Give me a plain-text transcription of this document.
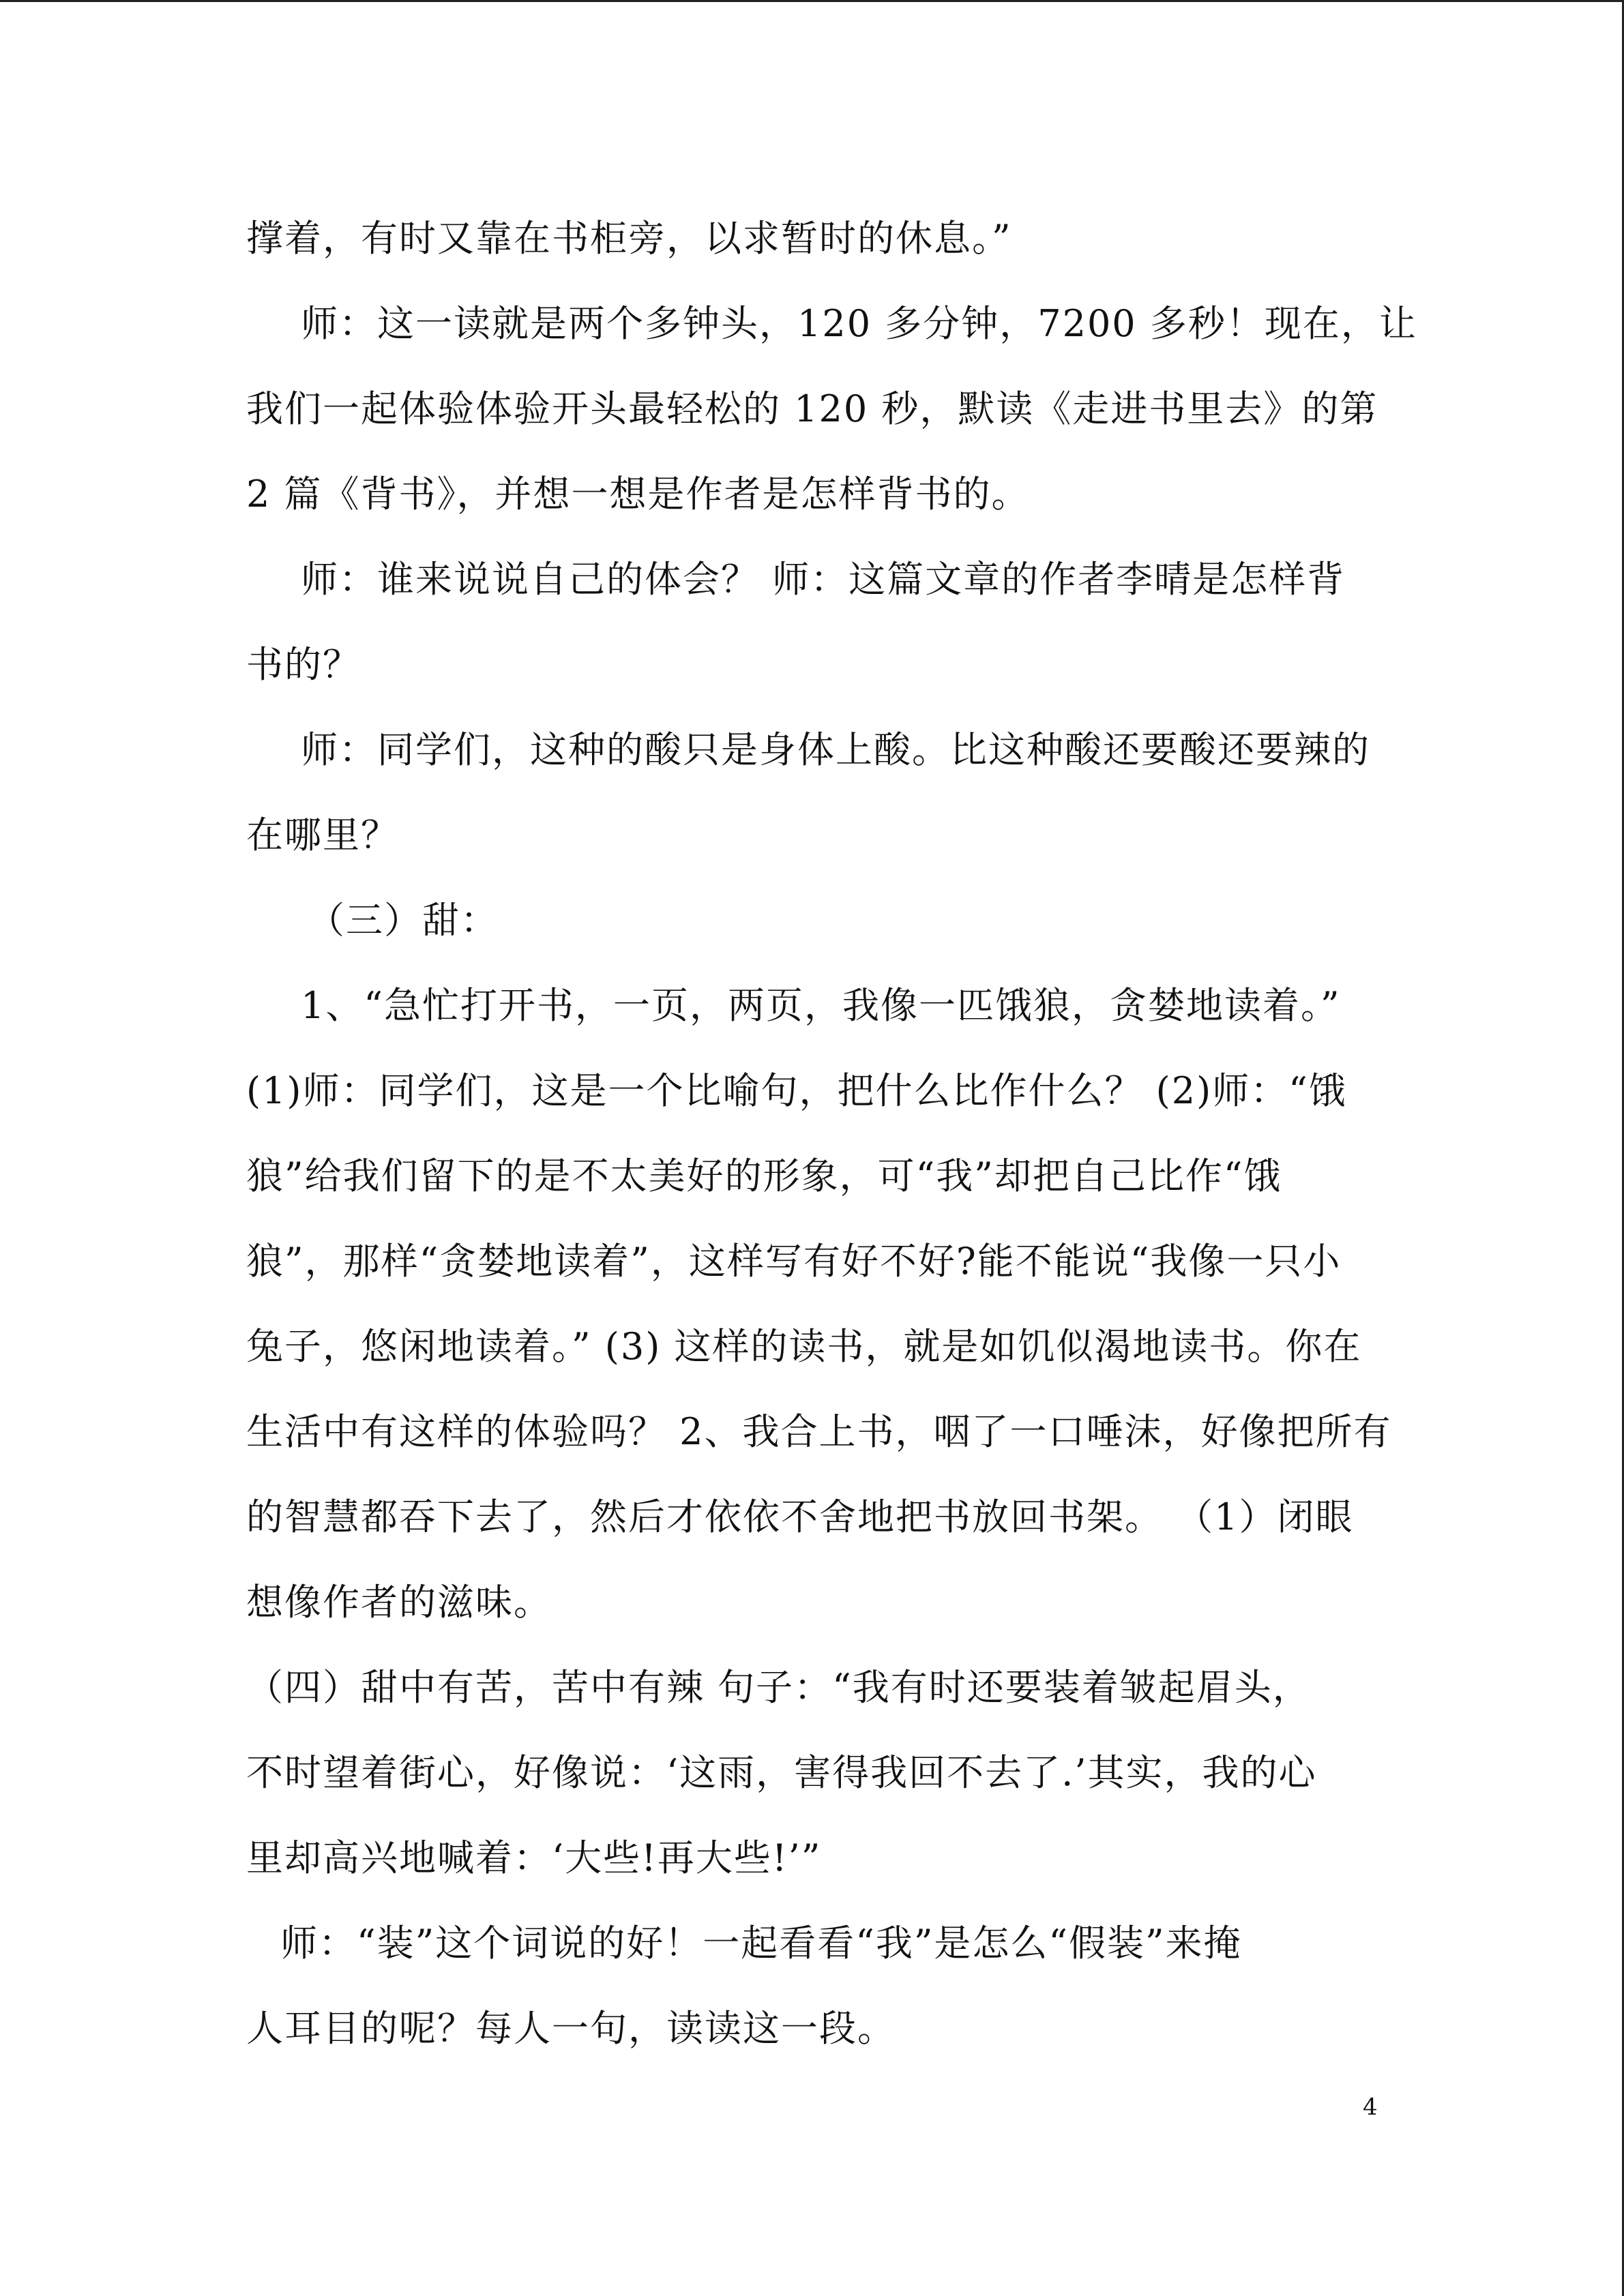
撑着，有时又靠在书柜旁，以求暂时的休息。”
师：这一读就是两个多钟头，120 多分钟，7200 多秒！现在，让
我们一起体验体验开头最轻松的 120 秒，默读《走进书里去》的第
2 篇《背书》，并想一想是作者是怎样背书的。
师：谁来说说自己的体会？ 师：这篇文章的作者李晴是怎样背
书的？
师：同学们，这种的酸只是身体上酸。比这种酸还要酸还要辣的
在哪里？
（三）甜：
1、“急忙打开书，一页，两页，我像一匹饿狼，贪婪地读着。”
(1)师：同学们，这是一个比喻句，把什么比作什么？ (2)师：“饿
狼”给我们留下的是不太美好的形象，可“我”却把自己比作“饿
狼”，那样“贪婪地读着”，这样写有好不好?能不能说“我像一只小
兔子，悠闲地读着。” (3) 这样的读书，就是如饥似渴地读书。你在
生活中有这样的体验吗？ 2、我合上书，咽了一口唾沫，好像把所有
的智慧都吞下去了，然后才依依不舍地把书放回书架。 （1）闭眼
想像作者的滋味。
（四）甜中有苦，苦中有辣 句子：“我有时还要装着皱起眉头，
不时望着街心，好像说：‘这雨，害得我回不去了.’其实，我的心
里却高兴地喊着：‘大些!再大些!’”
师：“装”这个词说的好！一起看看“我”是怎么“假装”来掩
人耳目的呢？每人一句，读读这一段。
4
